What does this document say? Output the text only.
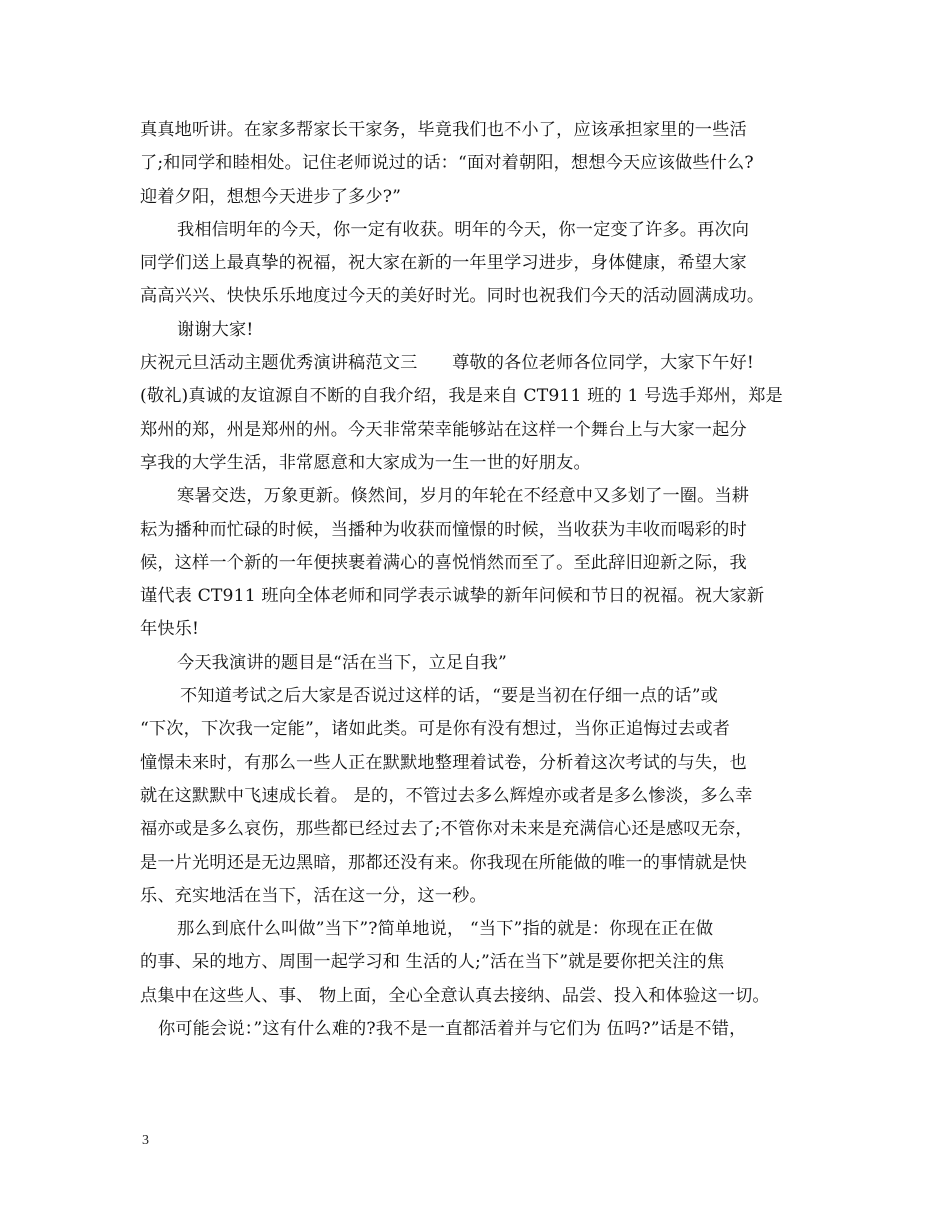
真真地听讲。在家多帮家长干家务，毕竟我们也不小了，应该承担家里的一些活
了;和同学和睦相处。记住老师说过的话：“面对着朝阳，想想今天应该做些什么?
迎着夕阳，想想今天进步了多少?”
我相信明年的今天，你一定有收获。明年的今天，你一定变了许多。再次向
同学们送上最真挚的祝福，祝大家在新的一年里学习进步，身体健康，希望大家
高高兴兴、快快乐乐地度过今天的美好时光。同时也祝我们今天的活动圆满成功。
谢谢大家!
庆祝元旦活动主题优秀演讲稿范文三　　尊敬的各位老师各位同学，大家下午好!
(敬礼)真诚的友谊源自不断的自我介绍，我是来自 CT911 班的 1 号选手郑州，郑是
郑州的郑，州是郑州的州。今天非常荣幸能够站在这样一个舞台上与大家一起分
享我的大学生活，非常愿意和大家成为一生一世的好朋友。
寒暑交迭，万象更新。倏然间，岁月的年轮在不经意中又多划了一圈。当耕
耘为播种而忙碌的时候，当播种为收获而憧憬的时候，当收获为丰收而喝彩的时
候，这样一个新的一年便挟裹着满心的喜悦悄然而至了。至此辞旧迎新之际，我
谨代表 CT911 班向全体老师和同学表示诚挚的新年问候和节日的祝福。祝大家新
年快乐!
今天我演讲的题目是“活在当下，立足自我”
不知道考试之后大家是否说过这样的话，“要是当初在仔细一点的话”或
“下次，下次我一定能”，诸如此类。可是你有没有想过，当你正追悔过去或者
憧憬未来时，有那么一些人正在默默地整理着试卷，分析着这次考试的与失，也
就在这默默中飞速成长着。 是的，不管过去多么辉煌亦或者是多么惨淡，多么幸
福亦或是多么哀伤，那些都已经过去了;不管你对未来是充满信心还是感叹无奈，
是一片光明还是无边黑暗，那都还没有来。你我现在所能做的唯一的事情就是快
乐、充实地活在当下，活在这一分，这一秒。
那么到底什么叫做”当下”?简单地说， “当下”指的就是：你现在正在做
的事、呆的地方、周围一起学习和 生活的人;”活在当下”就是要你把关注的焦
点集中在这些人、事、 物上面，全心全意认真去接纳、品尝、投入和体验这一切。
你可能会说：”这有什么难的?我不是一直都活着并与它们为 伍吗?”话是不错，
3
